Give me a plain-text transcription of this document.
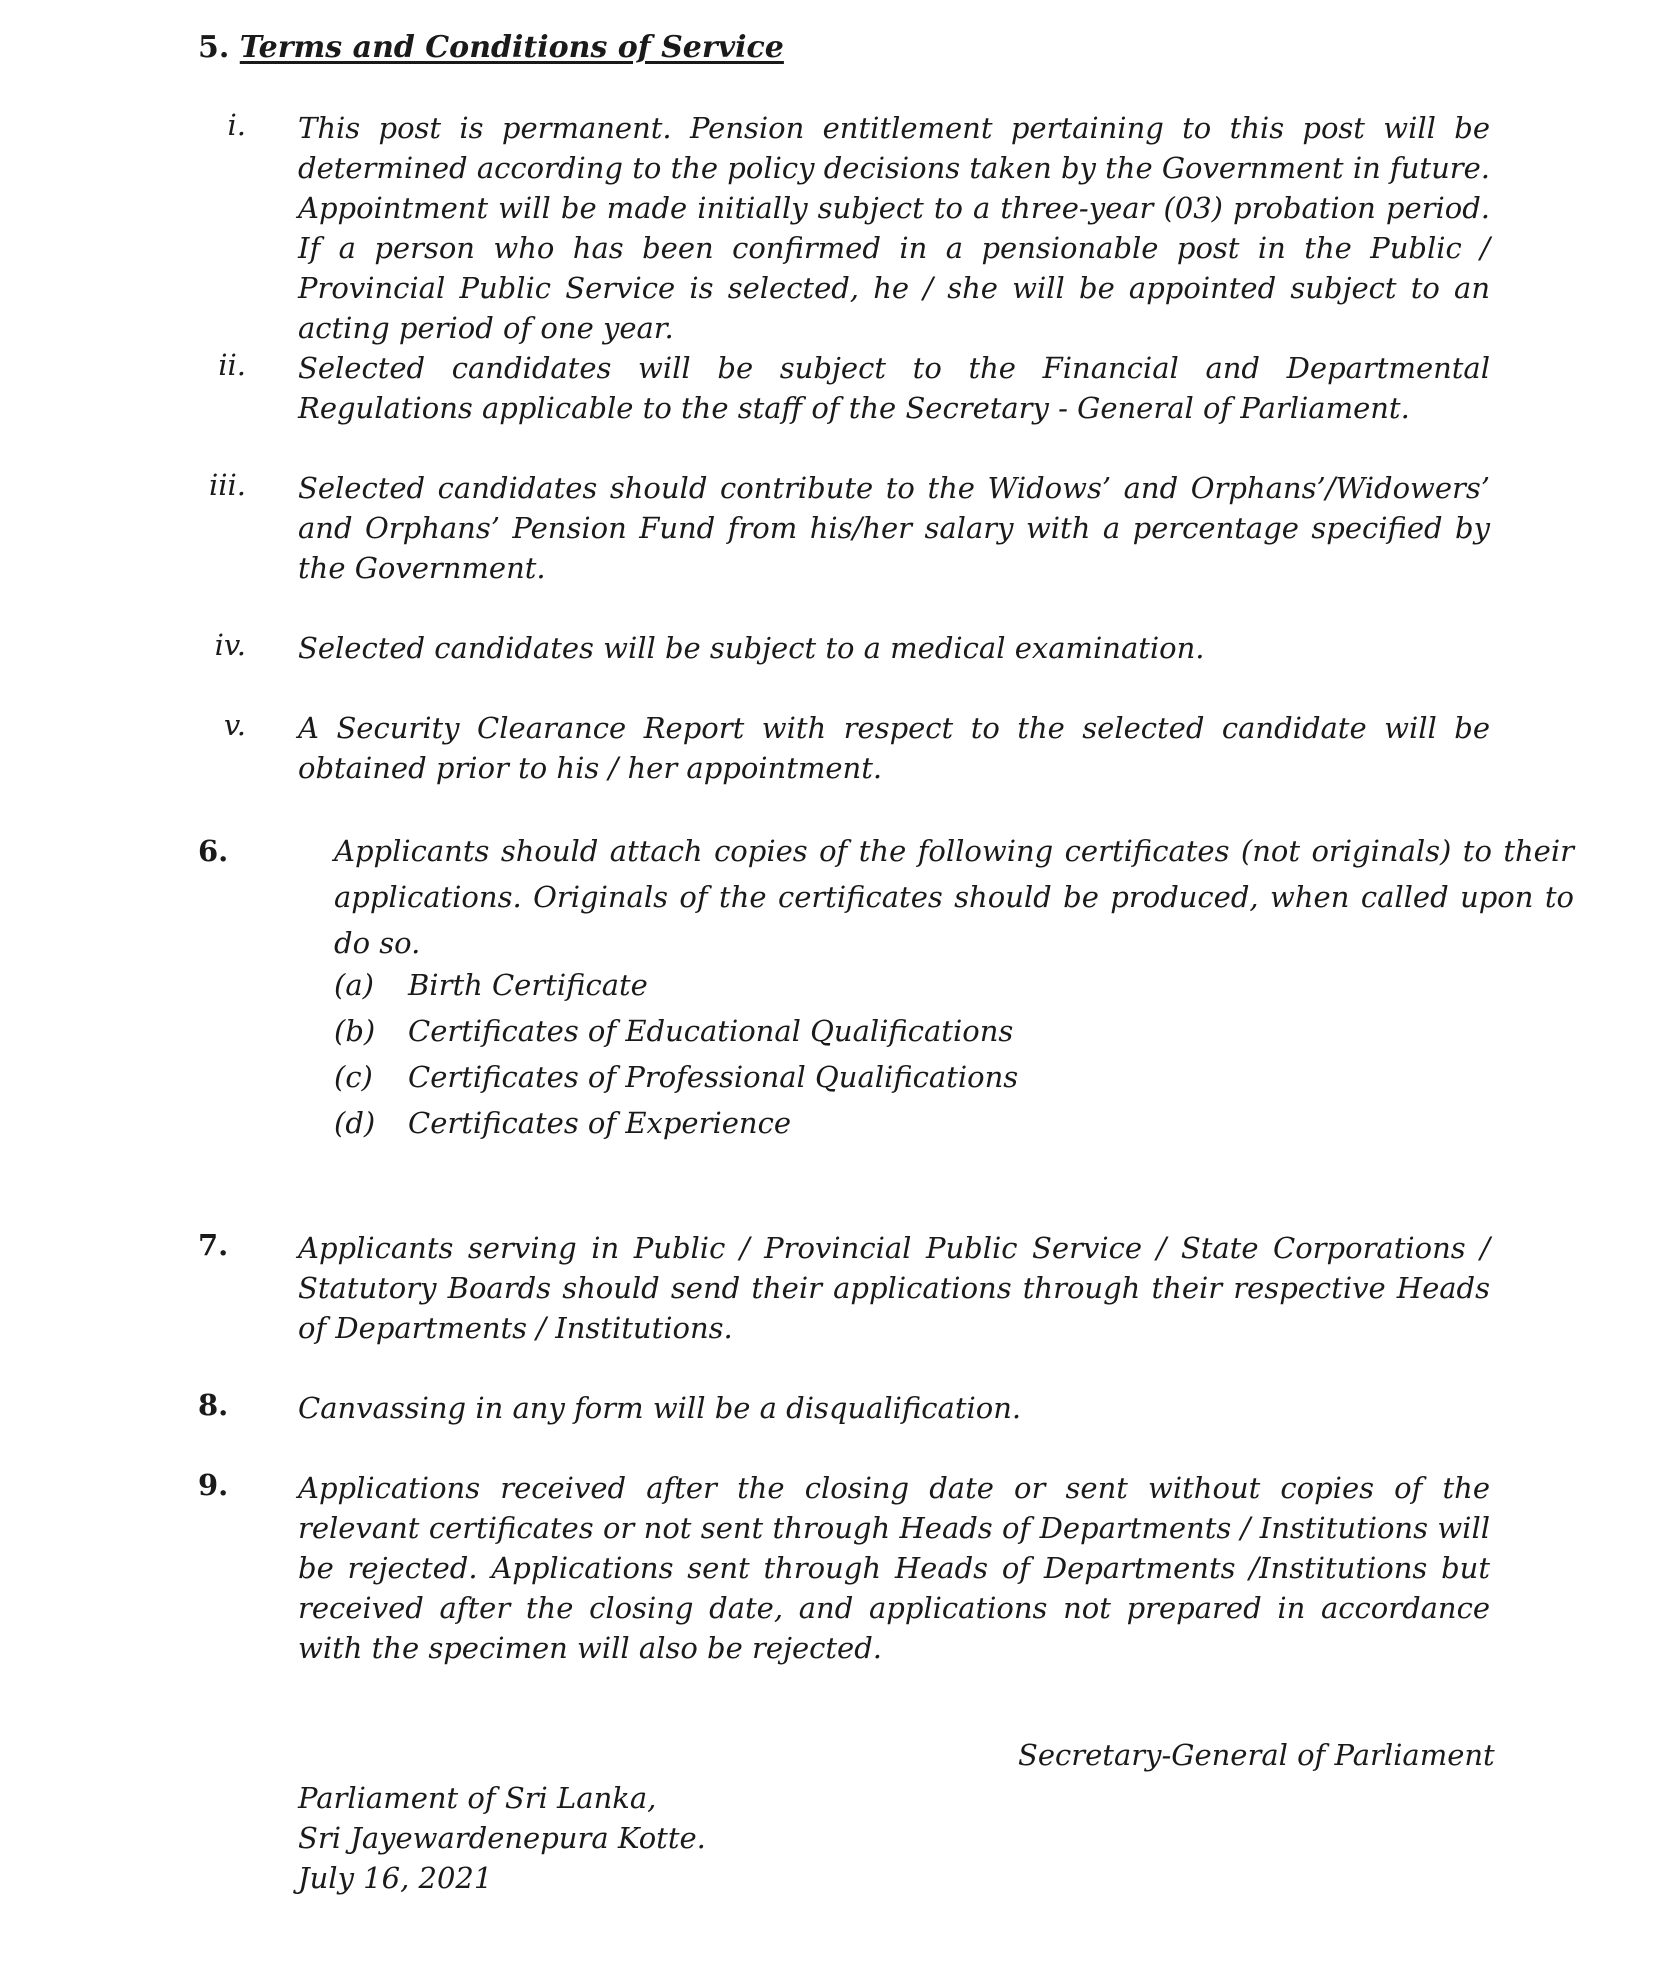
5. Terms and Conditions of Service
i. This post is permanent. Pension entitlement pertaining to this post will be determined according to the policy decisions taken by the Government in future. Appointment will be made initially subject to a three-year (03) probation period. If a person who has been confirmed in a pensionable post in the Public / Provincial Public Service is selected, he / she will be appointed subject to an acting period of one year.

ii. Selected candidates will be subject to the Financial and Departmental Regulations applicable to the staff of the Secretary - General of Parliament.

iii. Selected candidates should contribute to the Widows’ and Orphans’/Widowers’ and Orphans’ Pension Fund from his/her salary with a percentage specified by the Government.

iv. Selected candidates will be subject to a medical examination.

v. A Security Clearance Report with respect to the selected candidate will be obtained prior to his / her appointment.

6.	Applicants should attach copies of the following certificates (not originals) to their applications. Originals of the certificates should be produced, when called upon to do so.

(a) Birth Certificate
(b) Certificates of Educational Qualifications
(c) Certificates of Professional Qualifications
(d) Certificates of Experience
7. Applicants serving in Public / Provincial Public Service / State Corporations / Statutory Boards should send their applications through their respective Heads of Departments / Institutions.

8. Canvassing in any form will be a disqualification.

9. Applications received after the closing date or sent without copies of the relevant certificates or not sent through Heads of Departments / Institutions will be rejected. Applications sent through Heads of Departments /Institutions but received after the closing date, and applications not prepared in accordance with the specimen will also be rejected.

Secretary-General of Parliament
Parliament of Sri Lanka,
Sri Jayewardenepura Kotte.
July 16, 2021
